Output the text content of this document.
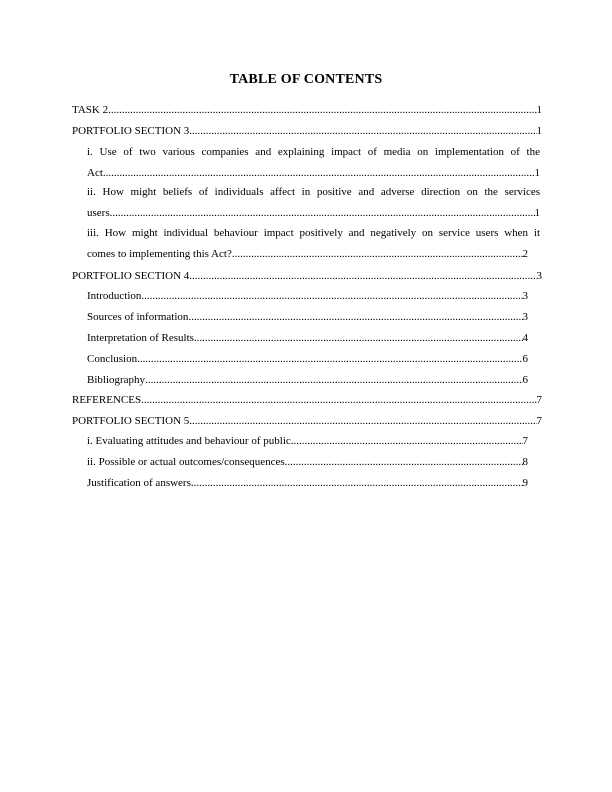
TABLE OF CONTENTS
TASK 2 .....	1
PORTFOLIO SECTION 3 .....	1
i. Use of two various companies and explaining impact of media on implementation of the
Act .....	1
ii. How might beliefs of individuals affect in positive and adverse direction on the services
users .....	1
iii. How might individual behaviour impact positively and negatively on service users when it
comes to implementing this Act? .....	2
PORTFOLIO SECTION 4 .....	3
Introduction .....	3
Sources of information .....	3
Interpretation of Results .....	4
Conclusion .....	6
Bibliography .....	6
REFERENCES .....	7
PORTFOLIO SECTION 5 .....	7
i. Evaluating attitudes and behaviour of public .....	7
ii. Possible or actual outcomes/consequences .....	8
Justification of answers .....	9
